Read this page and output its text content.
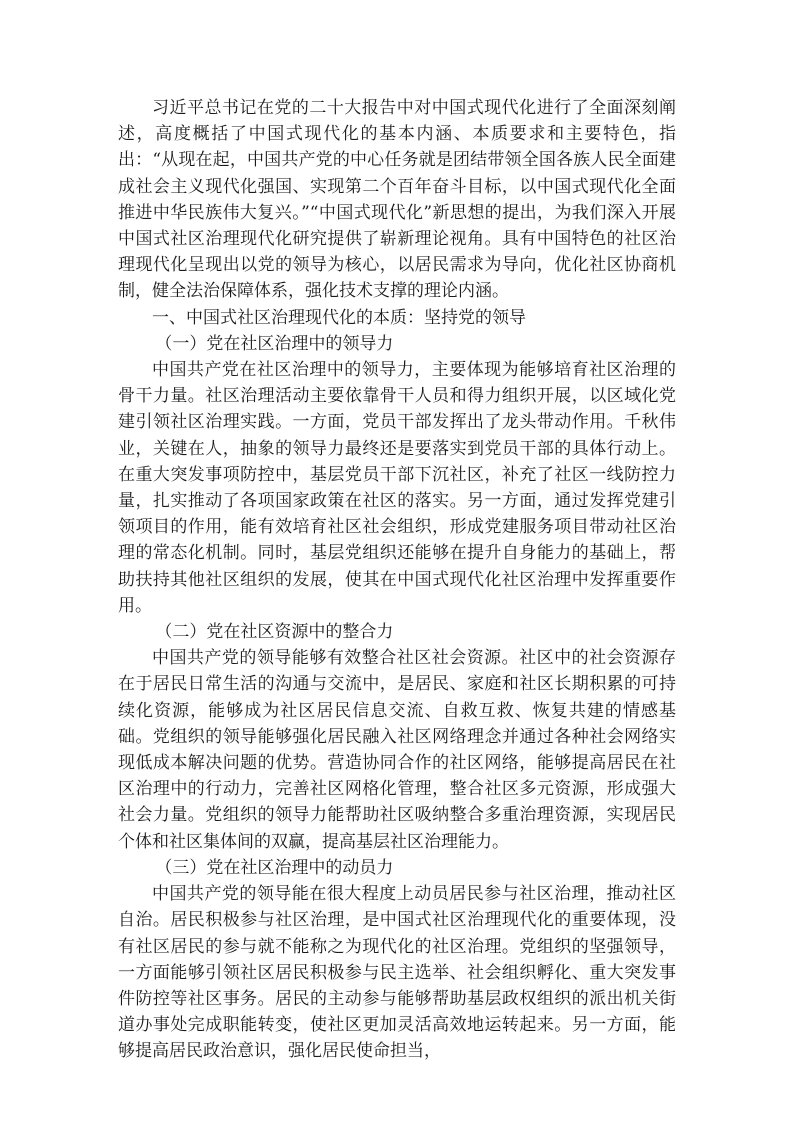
习近平总书记在党的二十大报告中对中国式现代化进行了全面深刻阐述，高度概括了中国式现代化的基本内涵、本质要求和主要特色，指出：“从现在起，中国共产党的中心任务就是团结带领全国各族人民全面建成社会主义现代化强国、实现第二个百年奋斗目标，以中国式现代化全面推进中华民族伟大复兴。”“中国式现代化”新思想的提出，为我们深入开展中国式社区治理现代化研究提供了崭新理论视角。具有中国特色的社区治理现代化呈现出以党的领导为核心，以居民需求为导向，优化社区协商机制，健全法治保障体系，强化技术支撑的理论内涵。

一、中国式社区治理现代化的本质：坚持党的领导

（一）党在社区治理中的领导力

中国共产党在社区治理中的领导力，主要体现为能够培育社区治理的骨干力量。社区治理活动主要依靠骨干人员和得力组织开展，以区域化党建引领社区治理实践。一方面，党员干部发挥出了龙头带动作用。千秋伟业，关键在人，抽象的领导力最终还是要落实到党员干部的具体行动上。在重大突发事项防控中，基层党员干部下沉社区，补充了社区一线防控力量，扎实推动了各项国家政策在社区的落实。另一方面，通过发挥党建引领项目的作用，能有效培育社区社会组织，形成党建服务项目带动社区治理的常态化机制。同时，基层党组织还能够在提升自身能力的基础上，帮助扶持其他社区组织的发展，使其在中国式现代化社区治理中发挥重要作用。

（二）党在社区资源中的整合力

中国共产党的领导能够有效整合社区社会资源。社区中的社会资源存在于居民日常生活的沟通与交流中，是居民、家庭和社区长期积累的可持续化资源，能够成为社区居民信息交流、自救互救、恢复共建的情感基础。党组织的领导能够强化居民融入社区网络理念并通过各种社会网络实现低成本解决问题的优势。营造协同合作的社区网络，能够提高居民在社区治理中的行动力，完善社区网格化管理，整合社区多元资源，形成强大社会力量。党组织的领导力能帮助社区吸纳整合多重治理资源，实现居民个体和社区集体间的双赢，提高基层社区治理能力。

（三）党在社区治理中的动员力

中国共产党的领导能在很大程度上动员居民参与社区治理，推动社区自治。居民积极参与社区治理，是中国式社区治理现代化的重要体现，没有社区居民的参与就不能称之为现代化的社区治理。党组织的坚强领导，一方面能够引领社区居民积极参与民主选举、社会组织孵化、重大突发事件防控等社区事务。居民的主动参与能够帮助基层政权组织的派出机关街道办事处完成职能转变，使社区更加灵活高效地运转起来。另一方面，能够提高居民政治意识，强化居民使命担当，
